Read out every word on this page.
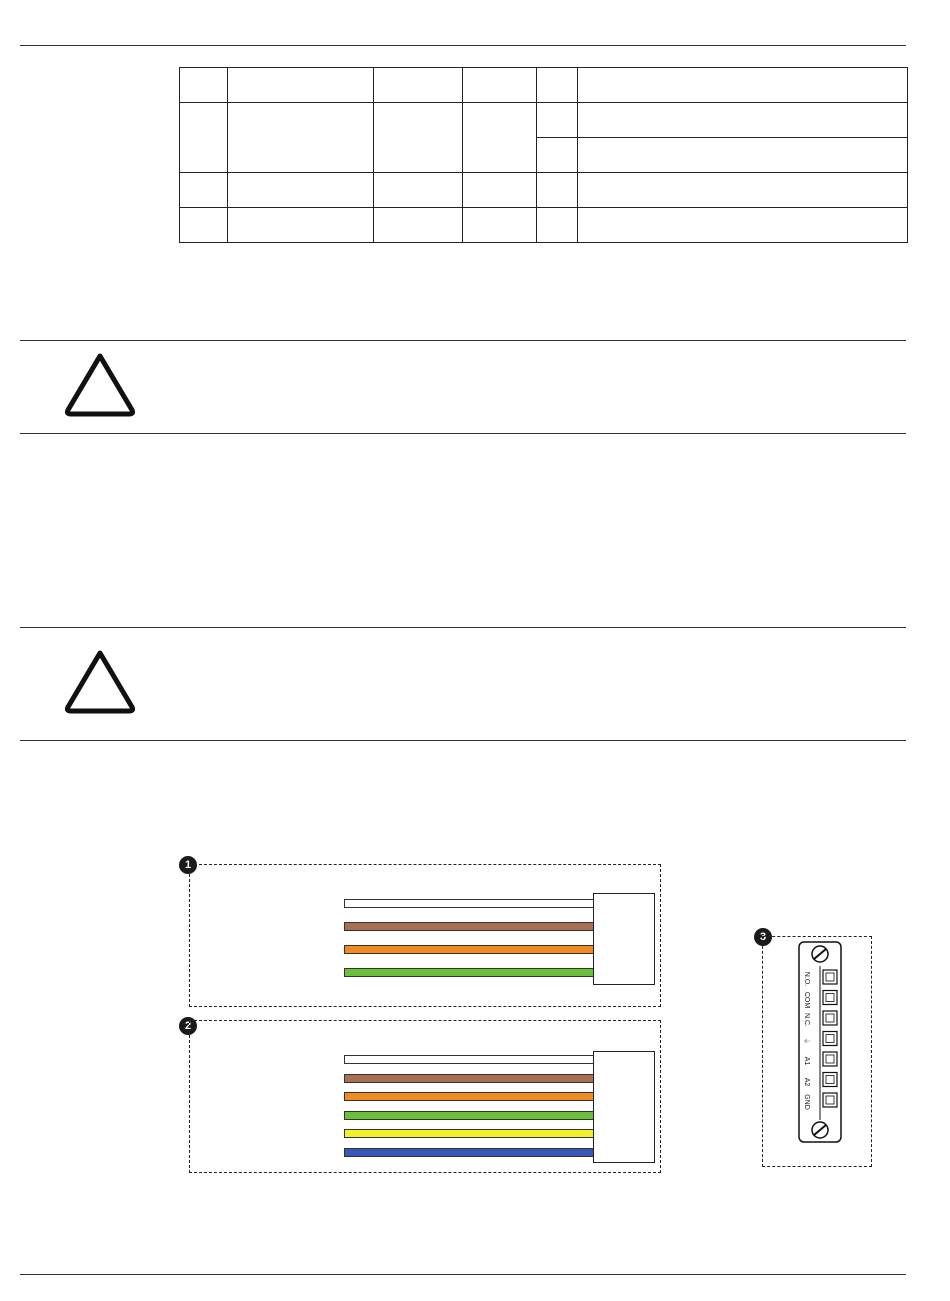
1
2
3
N.O.
COM
N.C.
⏚
A1
A2
GND
